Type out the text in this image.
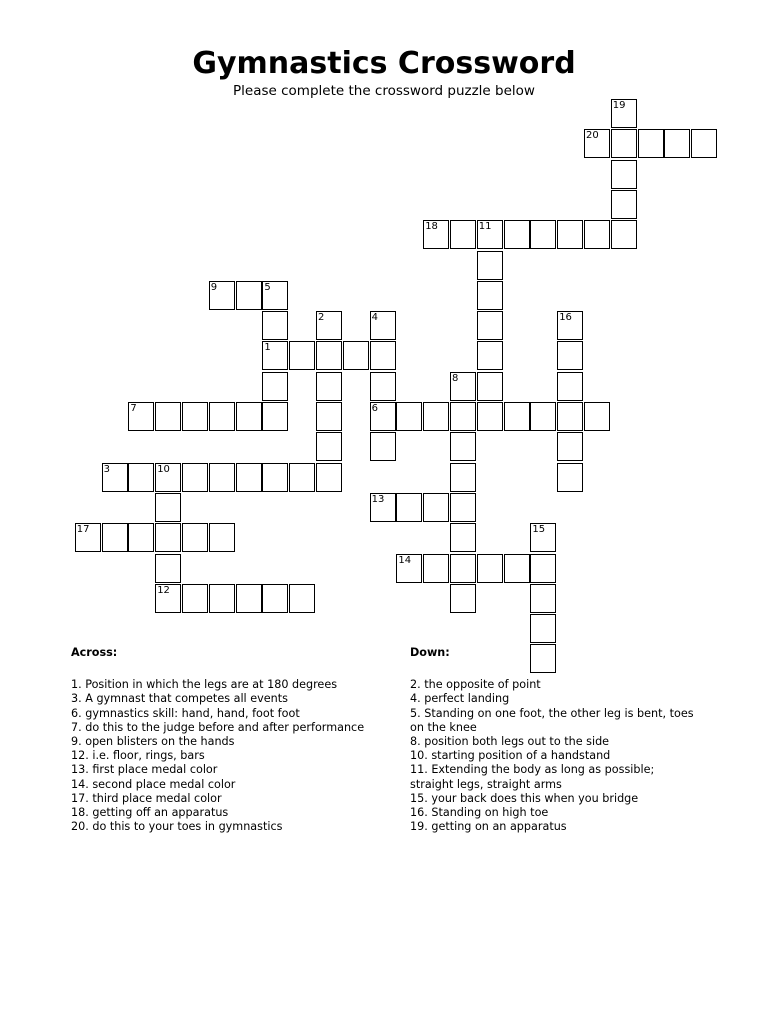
Gymnastics Crossword

Please complete the crossword puzzle below

20
18	11
9	5
1
7	6
3	10
13
17
14
12
19
2	4	16
8
15

Across:

1. Position in which the legs are at 180 degrees

3. A gymnast that competes all events

6. gymnastics skill: hand, hand, foot foot

7. do this to the judge before and after performance

9. open blisters on the hands

12. i.e. floor, rings, bars

13. first place medal color

14. second place medal color

17. third place medal color

18. getting off an apparatus

20. do this to your toes in gymnastics

Down:

2. the opposite of point

4. perfect landing

5. Standing on one foot, the other leg is bent, toes on the knee

8. position both legs out to the side

10. starting position of a handstand

11. Extending the body as long as possible; straight legs, straight arms

15. your back does this when you bridge

16. Standing on high toe

19. getting on an apparatus
